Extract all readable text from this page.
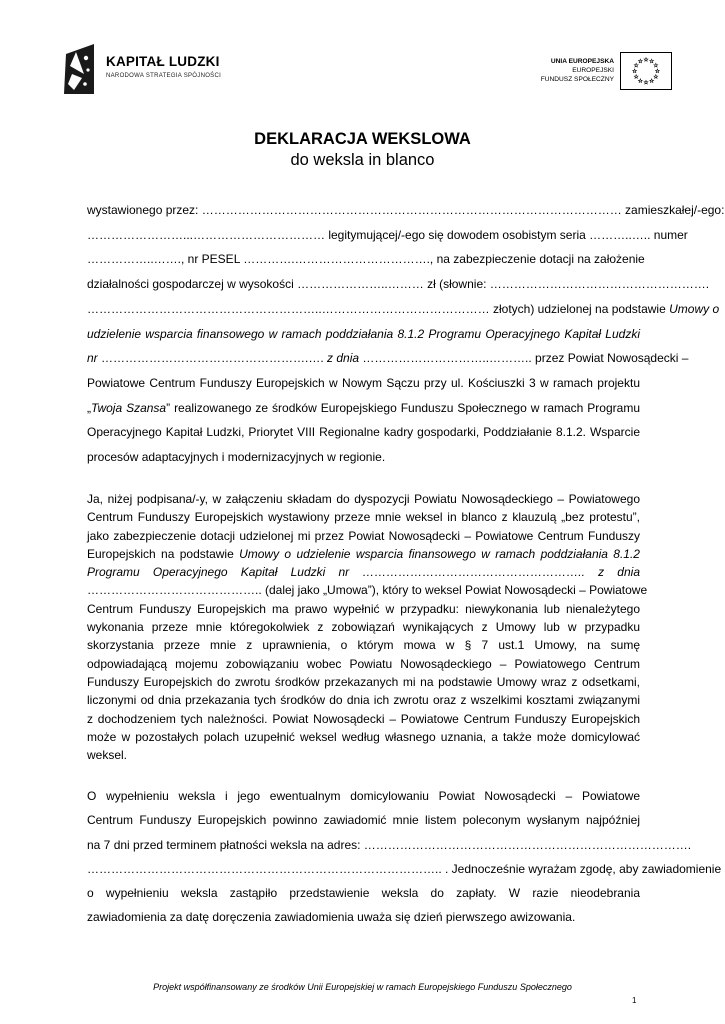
KAPITAŁ LUDZKI
NARODOWA STRATEGIA SPÓJNOŚCI
UNIA EUROPEJSKA
EUROPEJSKI
FUNDUSZ SPOŁECZNY
DEKLARACJA WEKSLOWA
do weksla in blanco
wystawionego przez: …………………………………………………………………………………………… zamieszkałej/-ego:
……………………...…………………………… legitymującej/-ego się dowodem osobistym seria ………..….. numer
……………..……., nr PESEL ………….……………………………., na zabezpieczenie dotacji na założenie
działalności gospodarczej w wysokości …………………..……… zł (słownie: ……………………………………………….
…………………………………………………..…………………………………… złotych) udzielonej na podstawie Umowy o
udzielenie wsparcia finansowego w ramach poddziałania 8.1.2 Programu Operacyjnego Kapitał Ludzki
nr …………………………………………….…. z dnia …………………………..……….. przez Powiat Nowosądecki –
Powiatowe Centrum Funduszy Europejskich w Nowym Sączu przy ul. Kościuszki 3 w ramach projektu
„Twoja Szansa” realizowanego ze środków Europejskiego Funduszu Społecznego w ramach Programu
Operacyjnego Kapitał Ludzki, Priorytet VIII Regionalne kadry gospodarki, Poddziałanie 8.1.2. Wsparcie
procesów adaptacyjnych i modernizacyjnych w regionie.
Ja, niżej podpisana/-y, w załączeniu składam do dyspozycji Powiatu Nowosądeckiego – Powiatowego
Centrum Funduszy Europejskich wystawiony przeze mnie weksel in blanco z klauzulą „bez protestu”,
jako zabezpieczenie dotacji udzielonej mi przez Powiat Nowosądecki – Powiatowe Centrum Funduszy
Europejskich na podstawie Umowy o udzielenie wsparcia finansowego w ramach poddziałania 8.1.2
Programu Operacyjnego Kapitał Ludzki nr ……………………………………………….. z dnia
…………………………………….. (dalej jako „Umowa”), który to weksel Powiat Nowosądecki – Powiatowe
Centrum Funduszy Europejskich ma prawo wypełnić w przypadku: niewykonania lub nienależytego
wykonania przeze mnie któregokolwiek z zobowiązań wynikających z Umowy lub w przypadku
skorzystania przeze mnie z uprawnienia, o którym mowa w § 7 ust.1 Umowy, na sumę
odpowiadającą mojemu zobowiązaniu wobec Powiatu Nowosądeckiego – Powiatowego Centrum
Funduszy Europejskich do zwrotu środków przekazanych mi na podstawie Umowy wraz z odsetkami,
liczonymi od dnia przekazania tych środków do dnia ich zwrotu oraz z wszelkimi kosztami związanymi
z dochodzeniem tych należności. Powiat Nowosądecki – Powiatowe Centrum Funduszy Europejskich
może w pozostałych polach uzupełnić weksel według własnego uznania, a także może domicylować
weksel.
O wypełnieniu weksla i jego ewentualnym domicylowaniu Powiat Nowosądecki – Powiatowe
Centrum Funduszy Europejskich powinno zawiadomić mnie listem poleconym wysłanym najpóźniej
na 7 dni przed terminem płatności weksla na adres: ……………………………………………………………………….
…………………………………………………………………………….. . Jednocześnie wyrażam zgodę, aby zawiadomienie
o wypełnieniu weksla zastąpiło przedstawienie weksla do zapłaty. W razie nieodebrania
zawiadomienia za datę doręczenia zawiadomienia uważa się dzień pierwszego awizowania.
Projekt współfinansowany ze środków Unii Europejskiej w ramach Europejskiego Funduszu Społecznego
1
